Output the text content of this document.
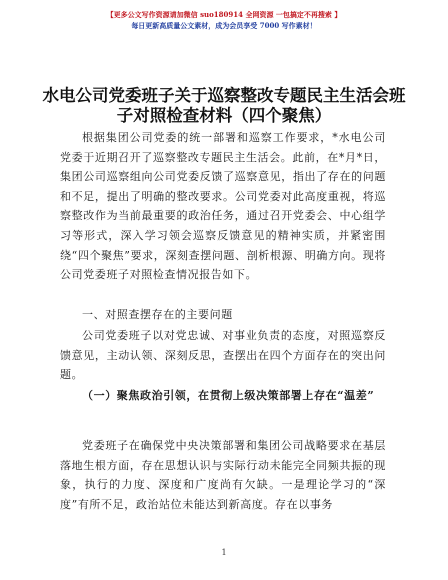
【更多公文写作资源请加微信 suo180914 全网资源 一包搞定不再搜索 】
每日更新高质量公文素材，成为会员享受 7000 写作素材！
水电公司党委班子关于巡察整改专题民主生活会班子对照检查材料（四个聚焦）
根据集团公司党委的统一部署和巡察工作要求，*水电公司党委于近期召开了巡察整改专题民主生活会。此前，在*月*日，集团公司巡察组向公司党委反馈了巡察意见，指出了存在的问题和不足，提出了明确的整改要求。公司党委对此高度重视，将巡察整改作为当前最重要的政治任务，通过召开党委会、中心组学习等形式，深入学习领会巡察反馈意见的精神实质，并紧密围绕“四个聚焦”要求，深刻查摆问题、剖析根源、明确方向。现将公司党委班子对照检查情况报告如下。
一、对照查摆存在的主要问题
公司党委班子以对党忠诚、对事业负责的态度，对照巡察反馈意见，主动认领、深刻反思，查摆出在四个方面存在的突出问题。
（一）聚焦政治引领，在贯彻上级决策部署上存在“温差”
党委班子在确保党中央决策部署和集团公司战略要求在基层落地生根方面，存在思想认识与实际行动未能完全同频共振的现象，执行的力度、深度和广度尚有欠缺。一是理论学习的“深度”有所不足，政治站位未能达到新高度。存在以事务
1
